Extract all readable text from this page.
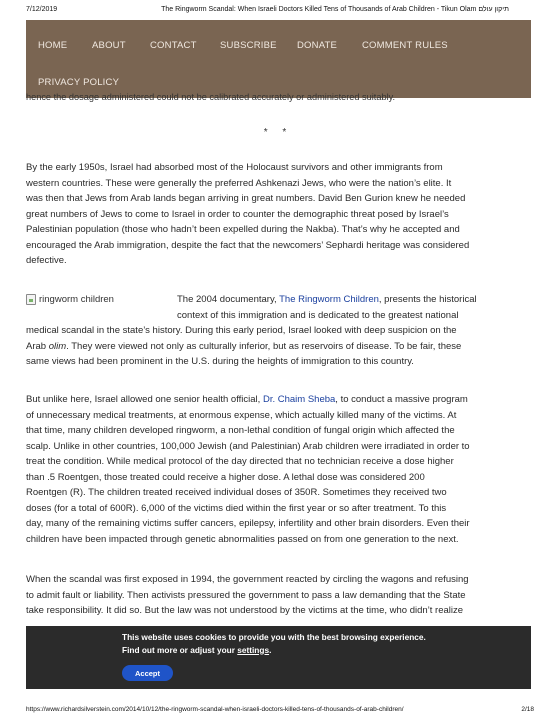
7/12/2019	The Ringworm Scandal: When Israeli Doctors Killed Tens of Thousands of Arab Children - Tikun Olam תיקון עולם
HOME	ABOUT	CONTACT SUBSCRIBE DONATE	COMMENT RULES
PRIVACY POLICY
hence the dosage administered could not be calibrated accurately or administered suitably.
* *
By the early 1950s, Israel had absorbed most of the Holocaust survivors and other immigrants from
western countries. These were generally the preferred Ashkenazi Jews, who were the nation’s elite. It
was then that Jews from Arab lands began arriving in great numbers. David Ben Gurion knew he needed
great numbers of Jews to come to Israel in order to counter the demographic threat posed by Israel’s
Palestinian population (those who hadn’t been expelled during the Nakba). That’s why he accepted and
encouraged the Arab immigration, despite the fact that the newcomers’ Sephardi heritage was considered
defective.
ringworm children	The 2004 documentary, The Ringworm Children, presents the historical
context of this immigration and is dedicated to the greatest national
medical scandal in the state’s history. During this early period, Israel looked with deep suspicion on the
Arab olim. They were viewed not only as culturally inferior, but as reservoirs of disease. To be fair, these
same views had been prominent in the U.S. during the heights of immigration to this country.
But unlike here, Israel allowed one senior health official, Dr. Chaim Sheba, to conduct a massive program
of unnecessary medical treatments, at enormous expense, which actually killed many of the victims. At
that time, many children developed ringworm, a non-lethal condition of fungal origin which affected the
scalp. Unlike in other countries, 100,000 Jewish (and Palestinian) Arab children were irradiated in order to
treat the condition. While medical protocol of the day directed that no technician receive a dose higher
than .5 Roentgen, those treated could receive a higher dose. A lethal dose was considered 200
Roentgen (R). The children treated received individual doses of 350R. Sometimes they received two
doses (for a total of 600R). 6,000 of the victims died within the first year or so after treatment. To this
day, many of the remaining victims suffer cancers, epilepsy, infertility and other brain disorders. Even their
children have been impacted through genetic abnormalities passed on from one generation to the next.
When the scandal was first exposed in 1994, the government reacted by circling the wagons and refusing
to admit fault or liability. Then activists pressured the government to pass a law demanding that the State
take responsibility. It did so. But the law was not understood by the victims at the time, who didn’t realize
This website uses cookies to provide you with the best browsing experience.
Find out more or adjust your settings.
Accept
https://www.richardsilverstein.com/2014/10/12/the-ringworm-scandal-when-israeli-doctors-killed-tens-of-thousands-of-arab-children/	2/18
